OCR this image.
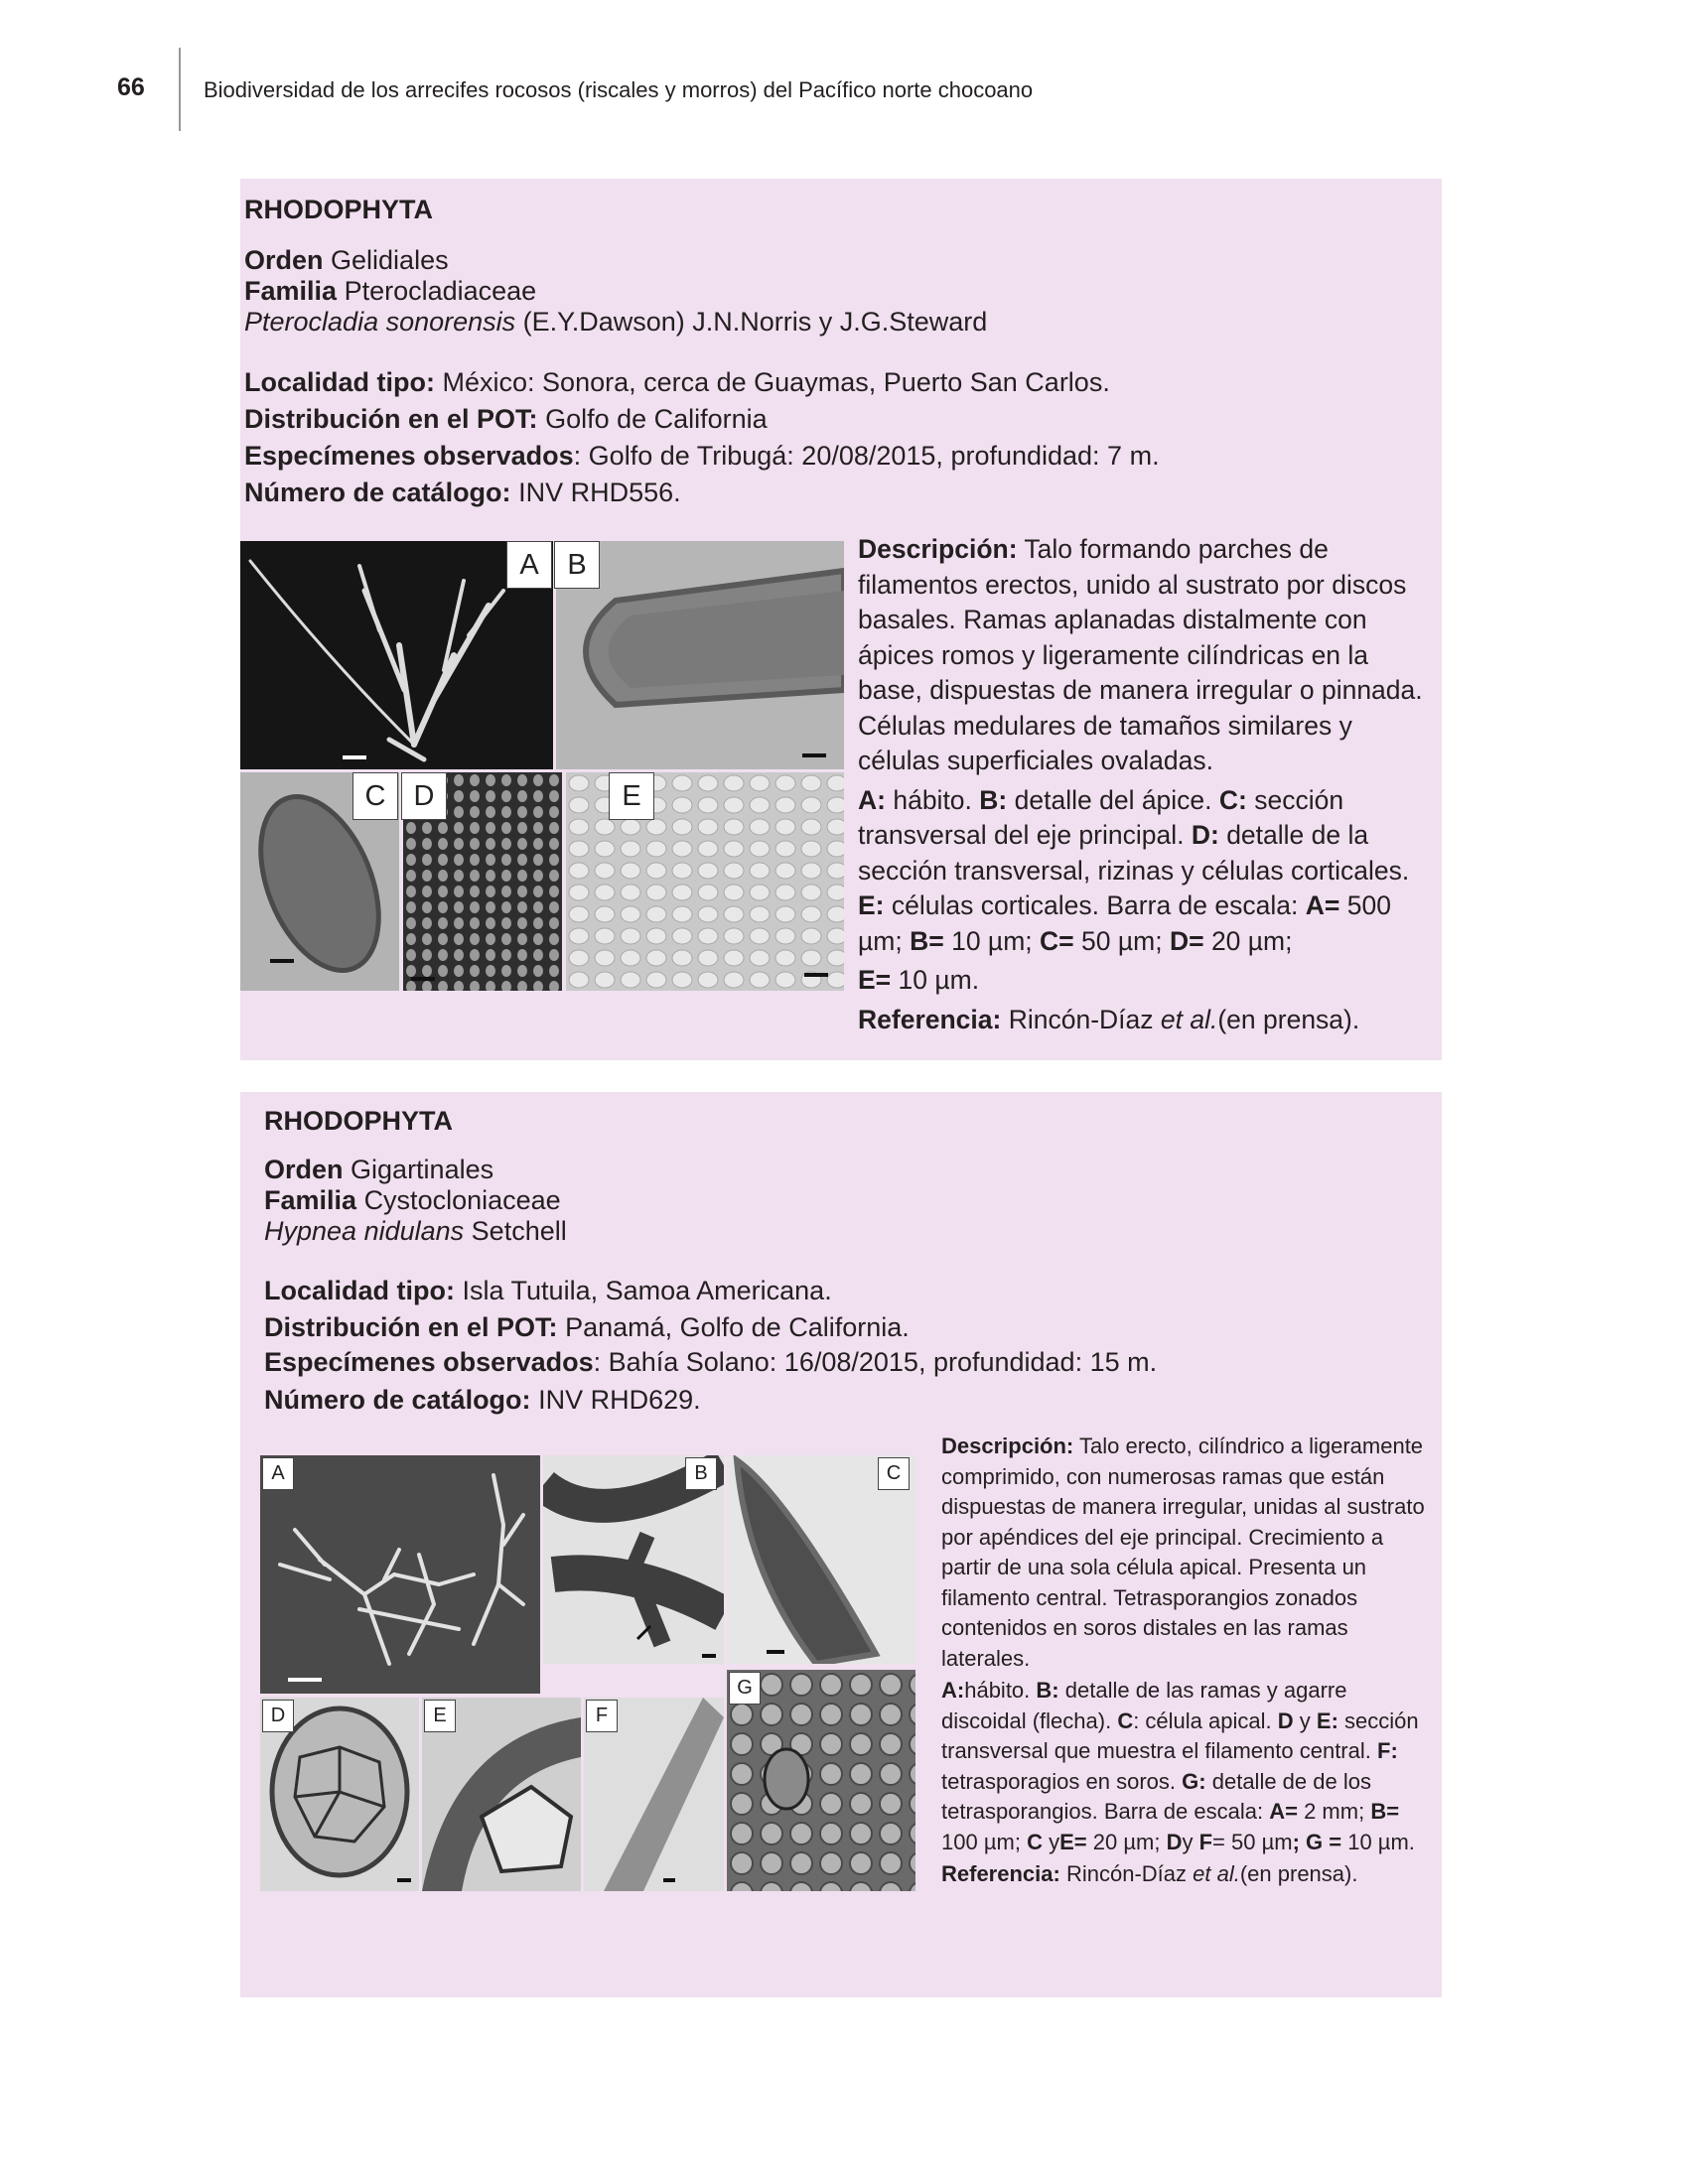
66	Biodiversidad de los arrecifes rocosos (riscales y morros) del Pacífico norte chocoano
RHODOPHYTA
Orden Gelidiales
Familia Pterocladiaceae
Pterocladia sonorensis (E.Y.Dawson) J.N.Norris y J.G.Steward
Localidad tipo: México: Sonora, cerca de Guaymas, Puerto San Carlos.
Distribución en el POT: Golfo de California
Especímenes observados: Golfo de Tribugá: 20/08/2015, profundidad: 7 m.
Número de catálogo: INV RHD556.
A B
C D	E

Descripción: Talo formando parches de filamentos erectos, unido al sustrato por discos basales. Ramas aplanadas distalmente con ápices romos y ligeramente cilíndricas en la base, dispuestas de manera irregular o pinnada. Células medulares de tamaños similares y células superficiales ovaladas.

A: hábito. B: detalle del ápice. C: sección transversal del eje principal. D: detalle de la sección transversal, rizinas y células corticales. E: células corticales. Barra de escala: A= 500 µm; B= 10 µm; C= 50 µm; D= 20 µm;

E= 10 µm.

Referencia: Rincón-Díaz et al.(en prensa).

RHODOPHYTA
Orden Gigartinales
Familia Cystocloniaceae
Hypnea nidulans Setchell
Localidad tipo: Isla Tutuila, Samoa Americana.
Distribución en el POT: Panamá, Golfo de California.
Especímenes observados: Bahía Solano: 16/08/2015, profundidad: 15 m.
Número de catálogo: INV RHD629.
A	B	C
D	E	F
G

Descripción: Talo erecto, cilíndrico a ligeramente comprimido, con numerosas ramas que están dispuestas de manera irregular, unidas al sustrato por apéndices del eje principal. Crecimiento a partir de una sola célula apical. Presenta un filamento central. Tetrasporangios zonados contenidos en soros distales en las ramas laterales.

A:hábito. B: detalle de las ramas y agarre discoidal (flecha). C: célula apical. D y E: sección transversal que muestra el filamento central. F: tetrasporagios en soros. G: detalle de de los tetrasporangios. Barra de escala: A= 2 mm; B= 100 µm; C yE= 20 µm; Dy F= 50 µm; G = 10 µm.

Referencia: Rincón-Díaz et al.(en prensa).
